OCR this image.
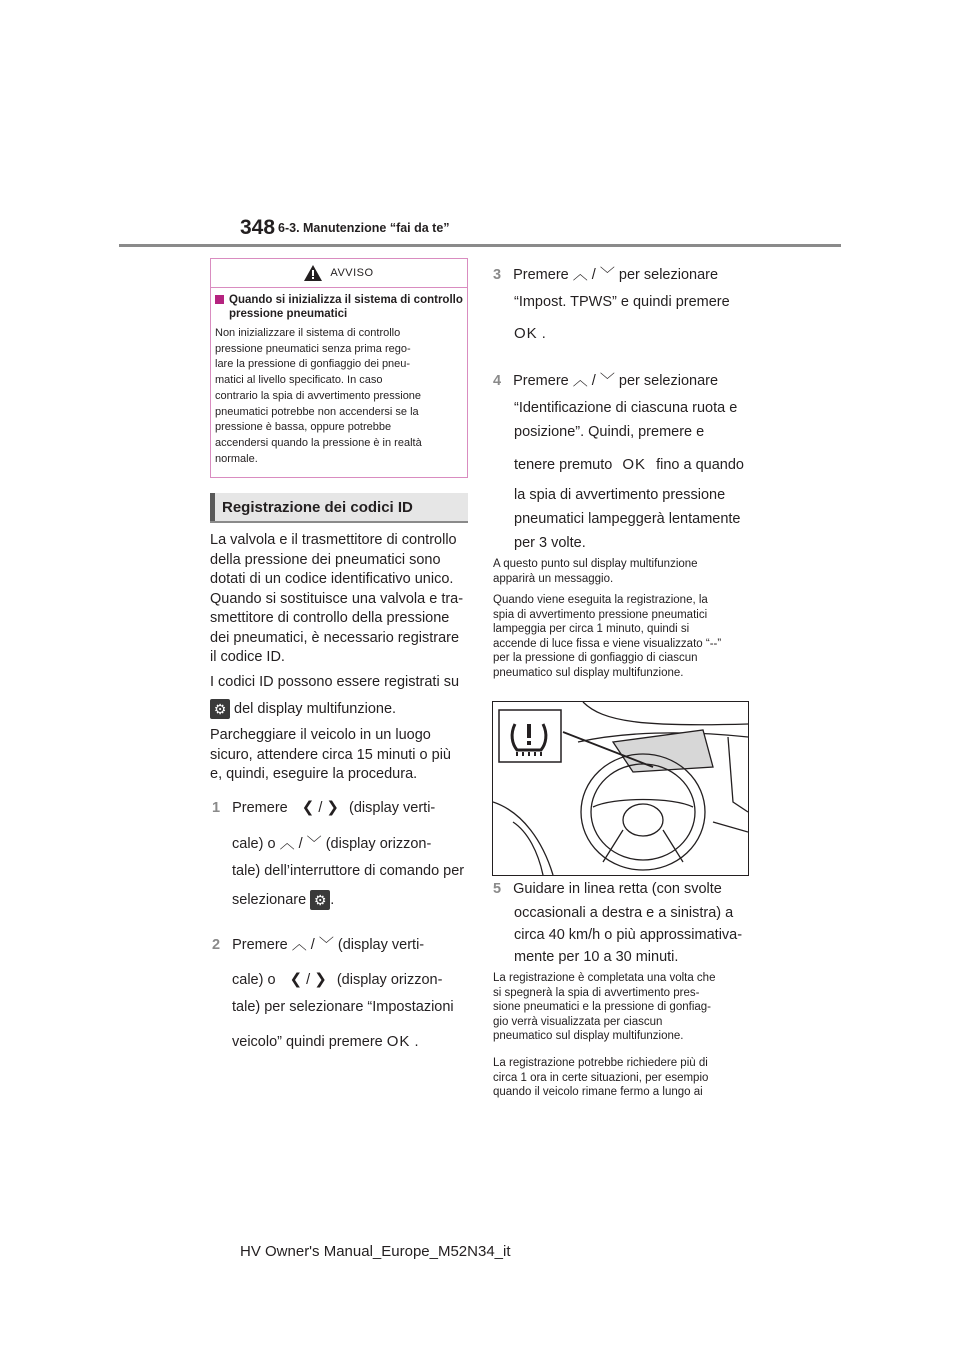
348 6-3. Manutenzione “fai da te”
AVVISO
Quando si inizializza il sistema di controllo pressione pneumatici
Non inizializzare il sistema di controllo
pressione pneumatici senza prima rego-
lare la pressione di gonfiaggio dei pneu-
matici al livello specificato. In caso
contrario la spia di avvertimento pressione
pneumatici potrebbe non accendersi se la
pressione è bassa, oppure potrebbe
accendersi quando la pressione è in realtà
normale.
Registrazione dei codici ID
La valvola e il trasmettitore di controllo
della pressione dei pneumatici sono
dotati di un codice identificativo unico.
Quando si sostituisce una valvola e tra-
smettitore di controllo della pressione
dei pneumatici, è necessario registrare
il codice ID.
I codici ID possono essere registrati su
⚙ del display multifunzione.
Parcheggiare il veicolo in un luogo
sicuro, attendere circa 15 minuti o più
e, quindi, eseguire la procedura.
1 Premere ❮ / ❯ (display verti-
cale) o ︿ / ﹀ (display orizzon-
tale) dell’interruttore di comando per
selezionare ⚙ .
2 Premere ︿ / ﹀ (display verti-
cale) o ❮ / ❯ (display orizzon-
tale) per selezionare “Impostazioni
veicolo” quindi premere OK .
3 Premere ︿ / ﹀ per selezionare
“Impost. TPWS” e quindi premere
OK .
4 Premere ︿ / ﹀ per selezionare
“Identificazione di ciascuna ruota e
posizione”. Quindi, premere e
tenere premuto OK fino a quando
la spia di avvertimento pressione
pneumatici lampeggerà lentamente
per 3 volte.
A questo punto sul display multifunzione
apparirà un messaggio.
Quando viene eseguita la registrazione, la
spia di avvertimento pressione pneumatici
lampeggia per circa 1 minuto, quindi si
accende di luce fissa e viene visualizzato “--”
per la pressione di gonfiaggio di ciascun
pneumatico sul display multifunzione.
5 Guidare in linea retta (con svolte
occasionali a destra e a sinistra) a
circa 40 km/h o più approssimativa-
mente per 10 a 30 minuti.
La registrazione è completata una volta che
si spegnerà la spia di avvertimento pres-
sione pneumatici e la pressione di gonfiag-
gio verrà visualizzata per ciascun
pneumatico sul display multifunzione.
La registrazione potrebbe richiedere più di
circa 1 ora in certe situazioni, per esempio
quando il veicolo rimane fermo a lungo ai
HV Owner's Manual_Europe_M52N34_it
